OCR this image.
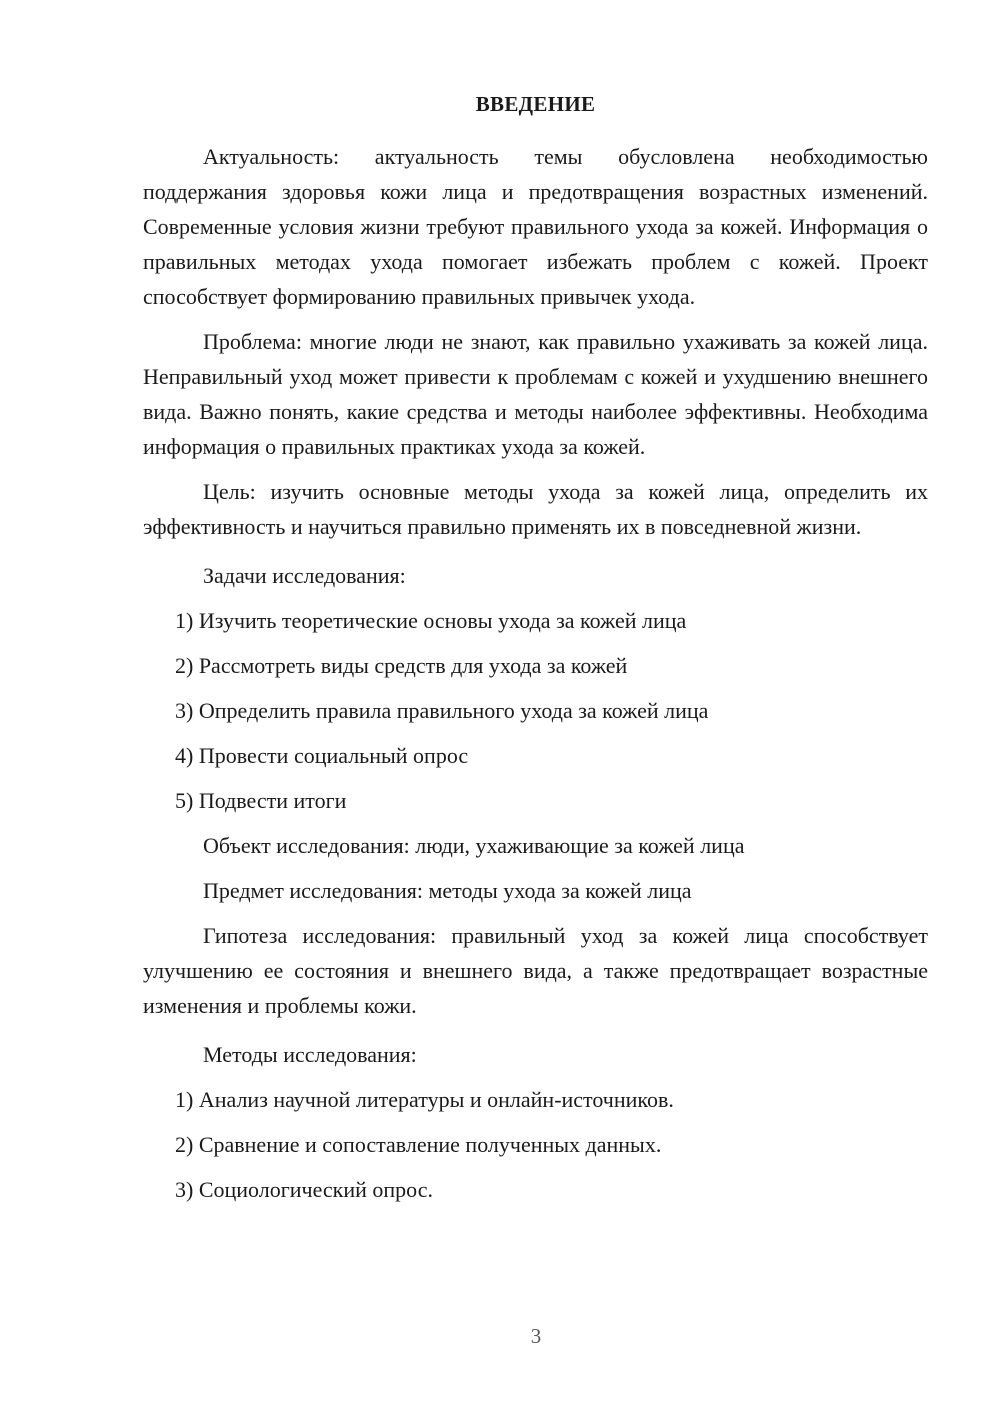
ВВЕДЕНИЕ

Актуальность: актуальность темы обусловлена необходимостью поддержания здоровья кожи лица и предотвращения возрастных изменений. Современные условия жизни требуют правильного ухода за кожей. Информация о правильных методах ухода помогает избежать проблем с кожей. Проект способствует формированию правильных привычек ухода.

Проблема: многие люди не знают, как правильно ухаживать за кожей лица. Неправильный уход может привести к проблемам с кожей и ухудшению внешнего вида. Важно понять, какие средства и методы наиболее эффективны. Необходима информация о правильных практиках ухода за кожей.

Цель: изучить основные методы ухода за кожей лица, определить их эффективность и научиться правильно применять их в повседневной жизни.

Задачи исследования:

1) Изучить теоретические основы ухода за кожей лица
2) Рассмотреть виды средств для ухода за кожей
3) Определить правила правильного ухода за кожей лица
4) Провести социальный опрос
5) Подвести итоги

Объект исследования: люди, ухаживающие за кожей лица

Предмет исследования: методы ухода за кожей лица

Гипотеза исследования: правильный уход за кожей лица способствует улучшению ее состояния и внешнего вида, а также предотвращает возрастные изменения и проблемы кожи.

Методы исследования:

1) Анализ научной литературы и онлайн-источников.
2) Сравнение и сопоставление полученных данных.
3) Социологический опрос.
3
